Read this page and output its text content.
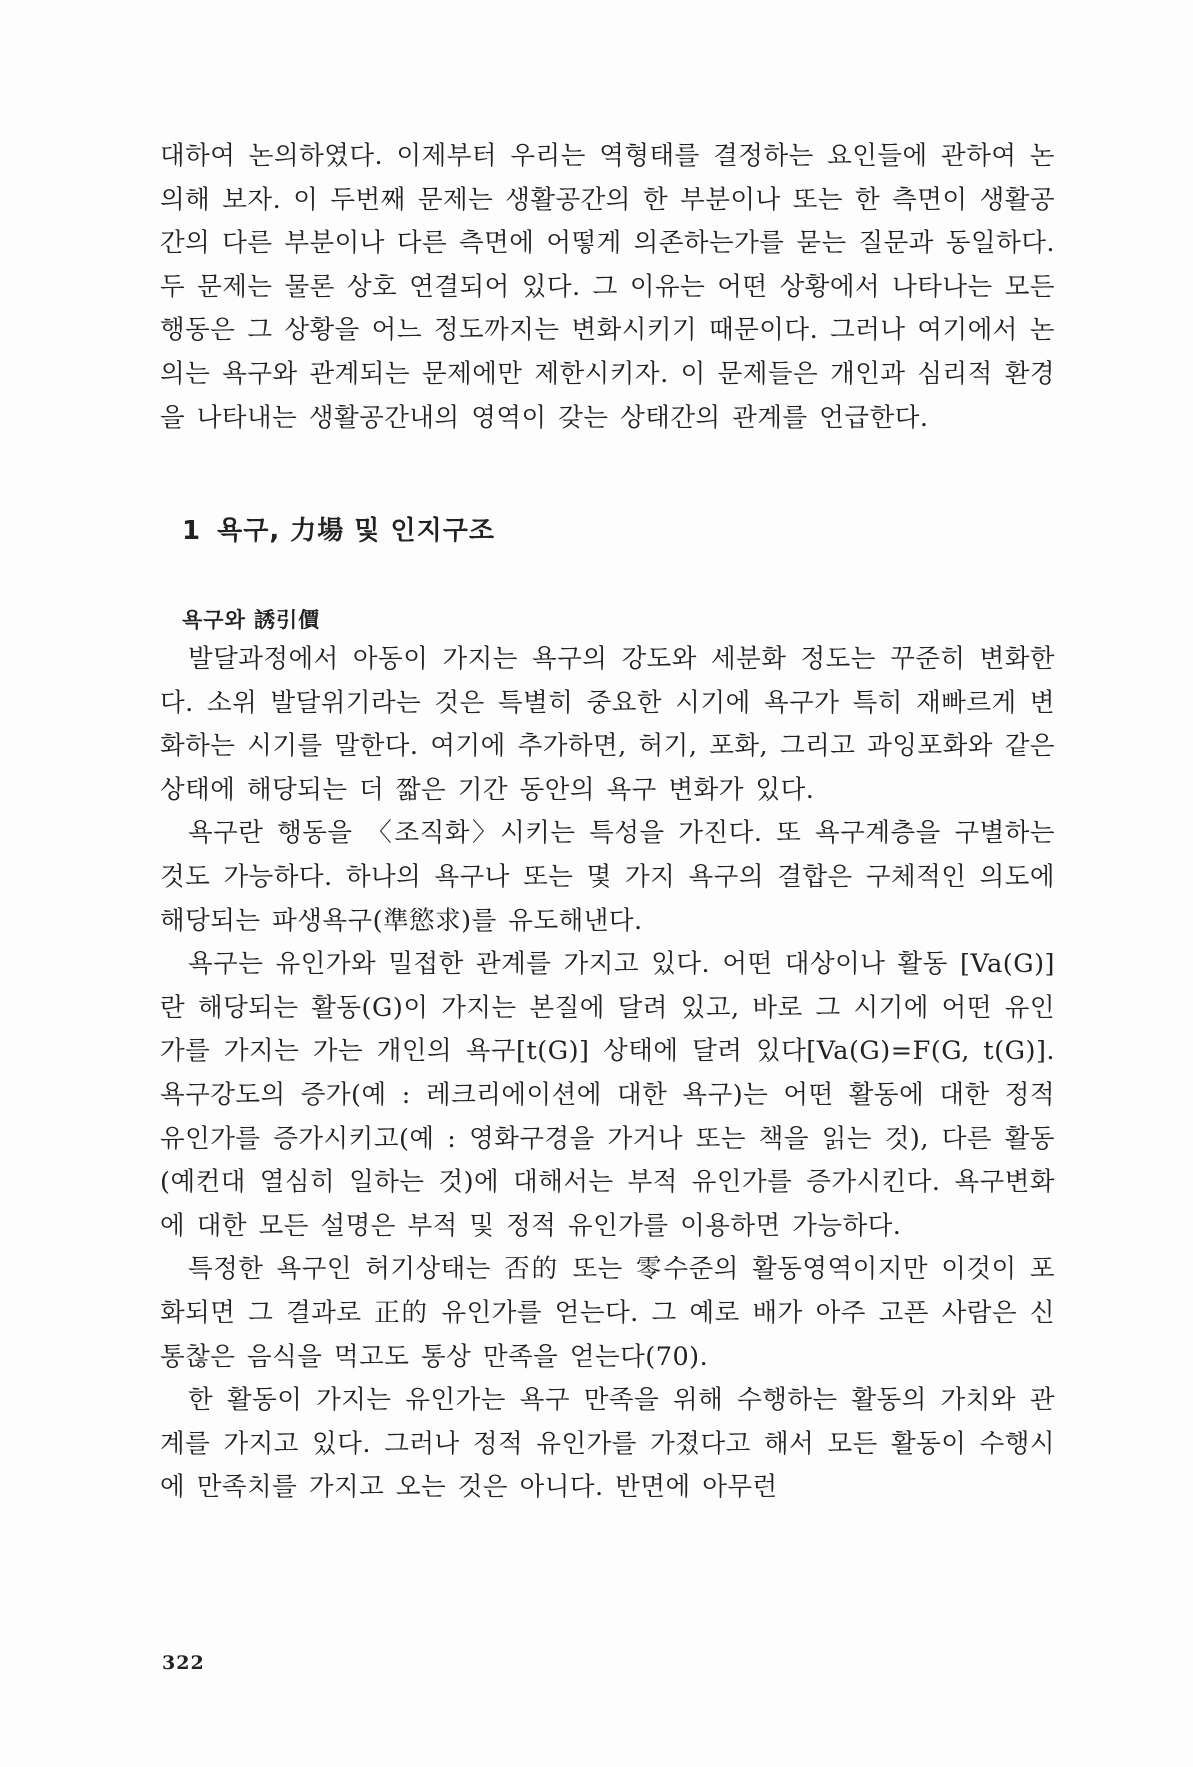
대하여 논의하였다. 이제부터 우리는 역형태를 결정하는 요인들에 관하여 논의해 보자. 이 두번째 문제는 생활공간의 한 부분이나 또는 한 측면이 생활공간의 다른 부분이나 다른 측면에 어떻게 의존하는가를 묻는 질문과 동일하다. 두 문제는 물론 상호 연결되어 있다. 그 이유는 어떤 상황에서 나타나는 모든 행동은 그 상황을 어느 정도까지는 변화시키기 때문이다. 그러나 여기에서 논의는 욕구와 관계되는 문제에만 제한시키자. 이 문제들은 개인과 심리적 환경을 나타내는 생활공간내의 영역이 갖는 상태간의 관계를 언급한다.

1 욕구, 力場 및 인지구조
욕구와 誘引價

발달과정에서 아동이 가지는 욕구의 강도와 세분화 정도는 꾸준히 변화한다. 소위 발달위기라는 것은 특별히 중요한 시기에 욕구가 특히 재빠르게 변화하는 시기를 말한다. 여기에 추가하면, 허기, 포화, 그리고 과잉포화와 같은 상태에 해당되는 더 짧은 기간 동안의 욕구 변화가 있다.

욕구란 행동을 〈조직화〉시키는 특성을 가진다. 또 욕구계층을 구별하는 것도 가능하다. 하나의 욕구나 또는 몇 가지 욕구의 결합은 구체적인 의도에 해당되는 파생욕구(準慾求)를 유도해낸다.

욕구는 유인가와 밀접한 관계를 가지고 있다. 어떤 대상이나 활동 [Va(G)]란 해당되는 활동(G)이 가지는 본질에 달려 있고, 바로 그 시기에 어떤 유인가를 가지는 가는 개인의 욕구[t(G)] 상태에 달려 있다[Va(G)=F(G, t(G)]. 욕구강도의 증가(예 : 레크리에이션에 대한 욕구)는 어떤 활동에 대한 정적 유인가를 증가시키고(예 : 영화구경을 가거나 또는 책을 읽는 것), 다른 활동(예컨대 열심히 일하는 것)에 대해서는 부적 유인가를 증가시킨다. 욕구변화에 대한 모든 설명은 부적 및 정적 유인가를 이용하면 가능하다.

특정한 욕구인 허기상태는 否的 또는 零수준의 활동영역이지만 이것이 포화되면 그 결과로 正的 유인가를 얻는다. 그 예로 배가 아주 고픈 사람은 신통찮은 음식을 먹고도 통상 만족을 얻는다(70).

한 활동이 가지는 유인가는 욕구 만족을 위해 수행하는 활동의 가치와 관계를 가지고 있다. 그러나 정적 유인가를 가졌다고 해서 모든 활동이 수행시에 만족치를 가지고 오는 것은 아니다. 반면에 아무런

322
